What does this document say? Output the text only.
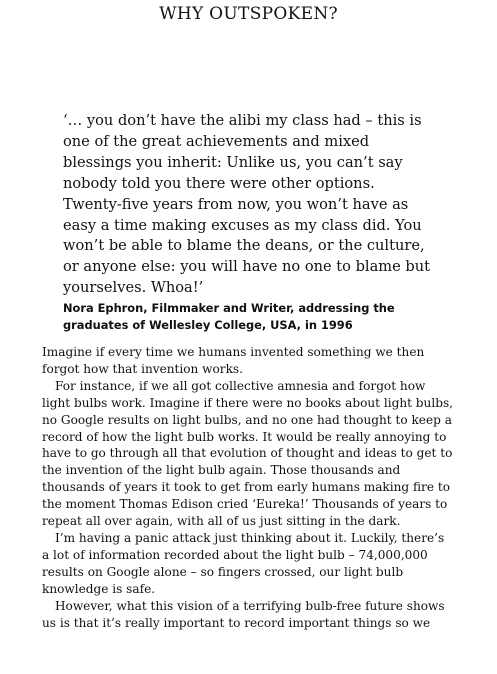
WHY OUTSPOKEN?
‘… you don’t have the alibi my class had – this is
one of the great achievements and mixed
blessings you inherit: Unlike us, you can’t say
nobody told you there were other options.
Twenty-five years from now, you won’t have as
easy a time making excuses as my class did. You
won’t be able to blame the deans, or the culture,
or anyone else: you will have no one to blame but
yourselves. Whoa!’
Nora Ephron, Filmmaker and Writer, addressing the
graduates of Wellesley College, USA, in 1996
Imagine if every time we humans invented something we then
forgot how that invention works.
For instance, if we all got collective amnesia and forgot how
light bulbs work. Imagine if there were no books about light bulbs,
no Google results on light bulbs, and no one had thought to keep a
record of how the light bulb works. It would be really annoying to
have to go through all that evolution of thought and ideas to get to
the invention of the light bulb again. Those thousands and
thousands of years it took to get from early humans making fire to
the moment Thomas Edison cried ‘Eureka!’ Thousands of years to
repeat all over again, with all of us just sitting in the dark.
I’m having a panic attack just thinking about it. Luckily, there’s
a lot of information recorded about the light bulb – 74,000,000
results on Google alone – so fingers crossed, our light bulb
knowledge is safe.
However, what this vision of a terrifying bulb-free future shows
us is that it’s really important to record important things so we
